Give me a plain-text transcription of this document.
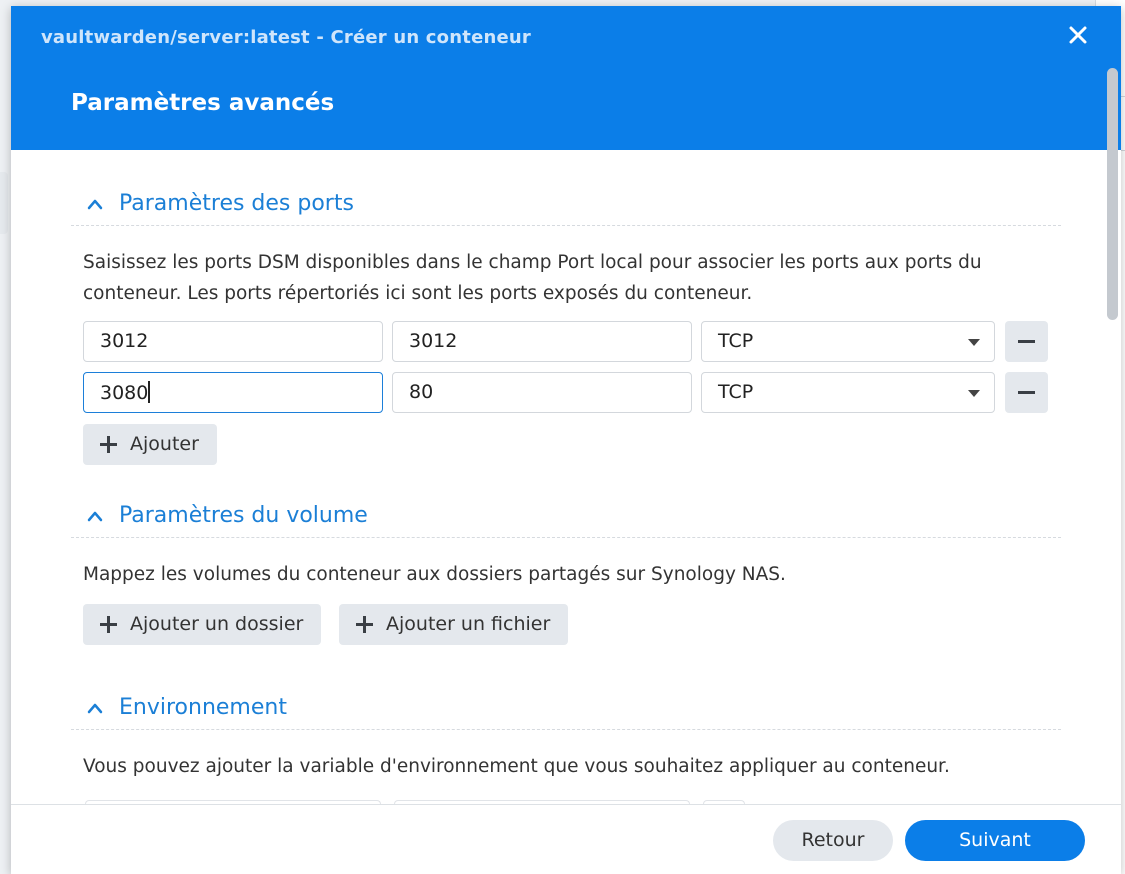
vaultwarden/server:latest - Créer un conteneur
Paramètres avancés
Paramètres des ports
Saisissez les ports DSM disponibles dans le champ Port local pour associer les ports aux ports du conteneur. Les ports répertoriés ici sont les ports exposés du conteneur.
3012	3012	TCP
3080	80	TCP
Ajouter
Paramètres du volume
Mappez les volumes du conteneur aux dossiers partagés sur Synology NAS.
Ajouter un dossier	Ajouter un fichier
Environnement
Vous pouvez ajouter la variable d'environnement que vous souhaitez appliquer au conteneur.
Retour	Suivant
